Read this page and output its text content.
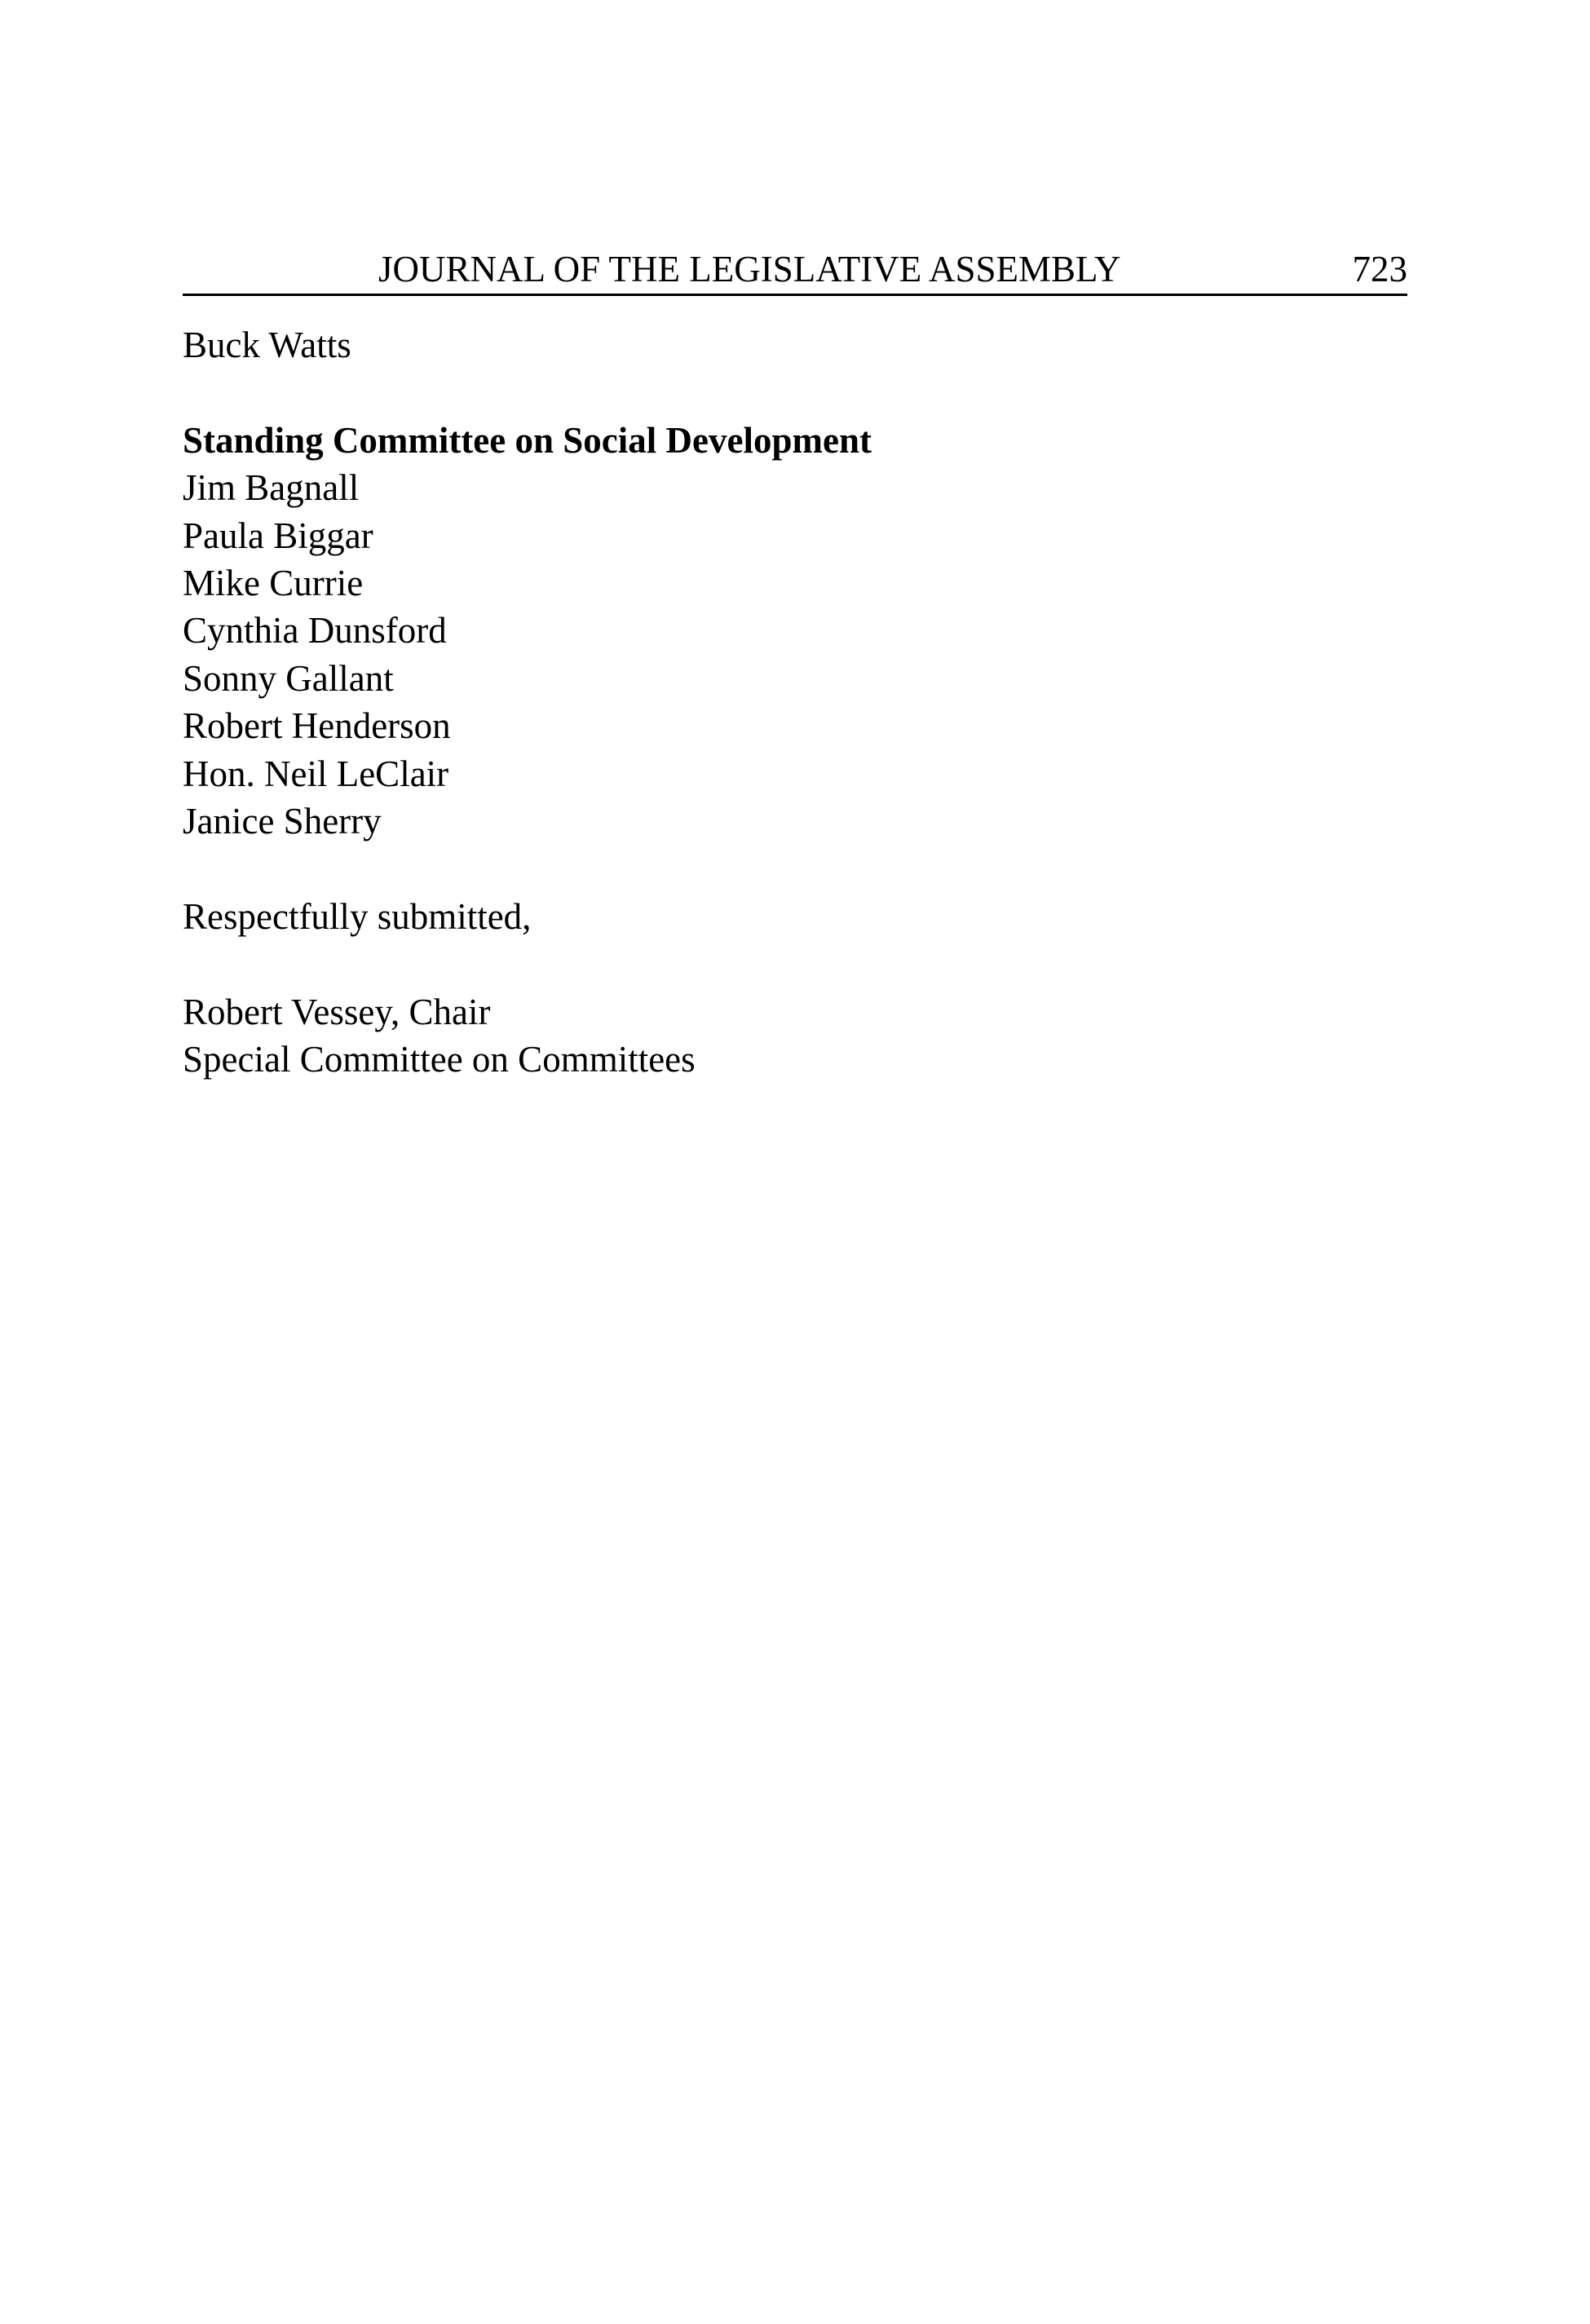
JOURNAL OF THE LEGISLATIVE ASSEMBLY	723
Buck Watts
Standing Committee on Social Development
Jim Bagnall
Paula Biggar
Mike Currie
Cynthia Dunsford
Sonny Gallant
Robert Henderson
Hon. Neil LeClair
Janice Sherry
Respectfully submitted,
Robert Vessey, Chair
Special Committee on Committees
